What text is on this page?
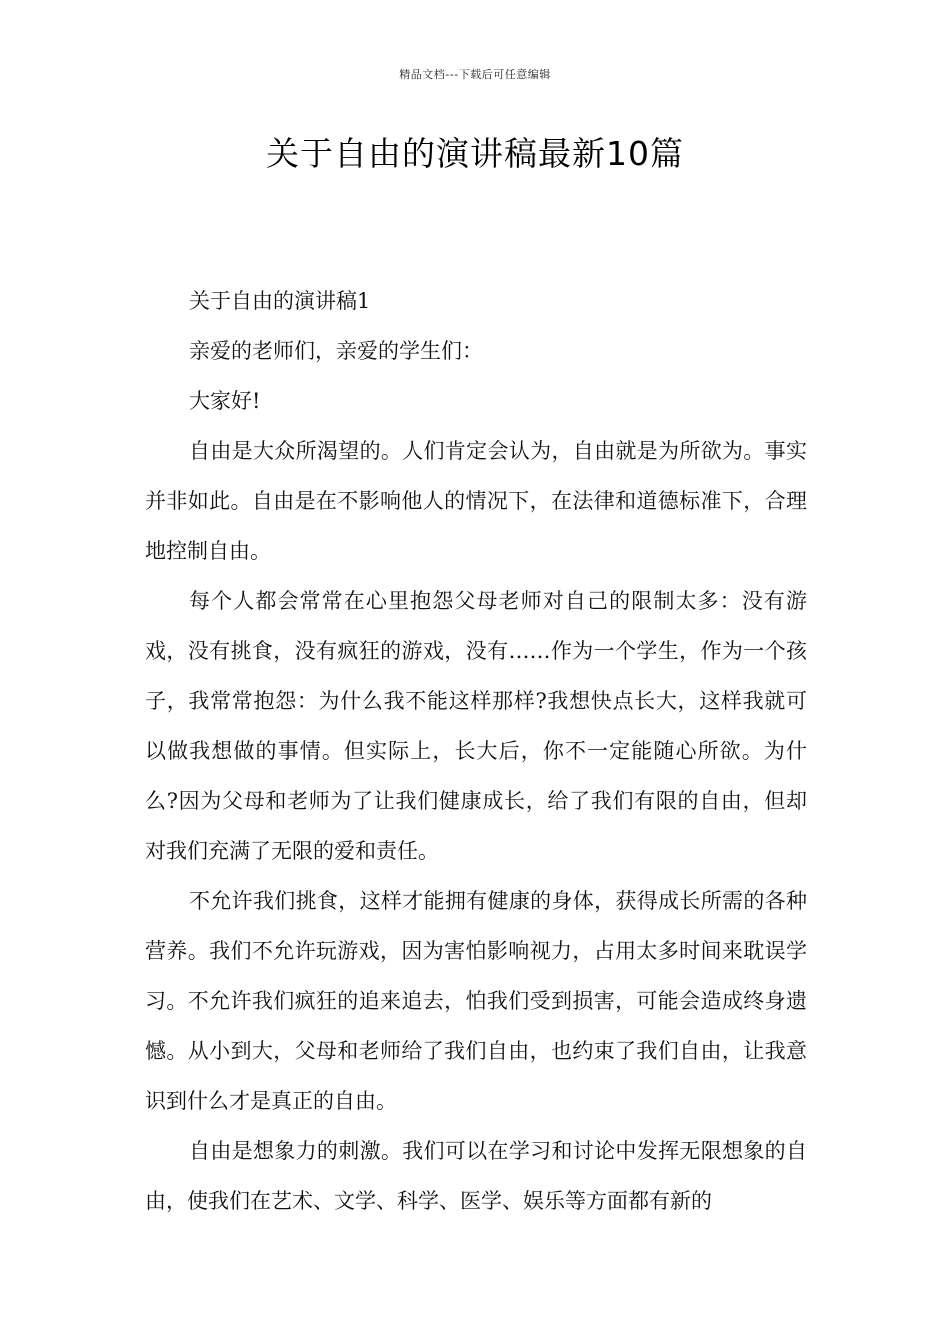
精品文档---下载后可任意编辑
关于自由的演讲稿最新10篇

关于自由的演讲稿1

亲爱的老师们，亲爱的学生们：

大家好!

自由是大众所渴望的。人们肯定会认为，自由就是为所欲为。事实并非如此。自由是在不影响他人的情况下，在法律和道德标准下，合理地控制自由。

每个人都会常常在心里抱怨父母老师对自己的限制太多：没有游戏，没有挑食，没有疯狂的游戏，没有……作为一个学生，作为一个孩子，我常常抱怨：为什么我不能这样那样?我想快点长大，这样我就可以做我想做的事情。但实际上，长大后，你不一定能随心所欲。为什么?因为父母和老师为了让我们健康成长，给了我们有限的自由，但却对我们充满了无限的爱和责任。

不允许我们挑食，这样才能拥有健康的身体，获得成长所需的各种营养。我们不允许玩游戏，因为害怕影响视力，占用太多时间来耽误学习。不允许我们疯狂的追来追去，怕我们受到损害，可能会造成终身遗憾。从小到大，父母和老师给了我们自由，也约束了我们自由，让我意识到什么才是真正的自由。

自由是想象力的刺激。我们可以在学习和讨论中发挥无限想象的自由，使我们在艺术、文学、科学、医学、娱乐等方面都有新的
